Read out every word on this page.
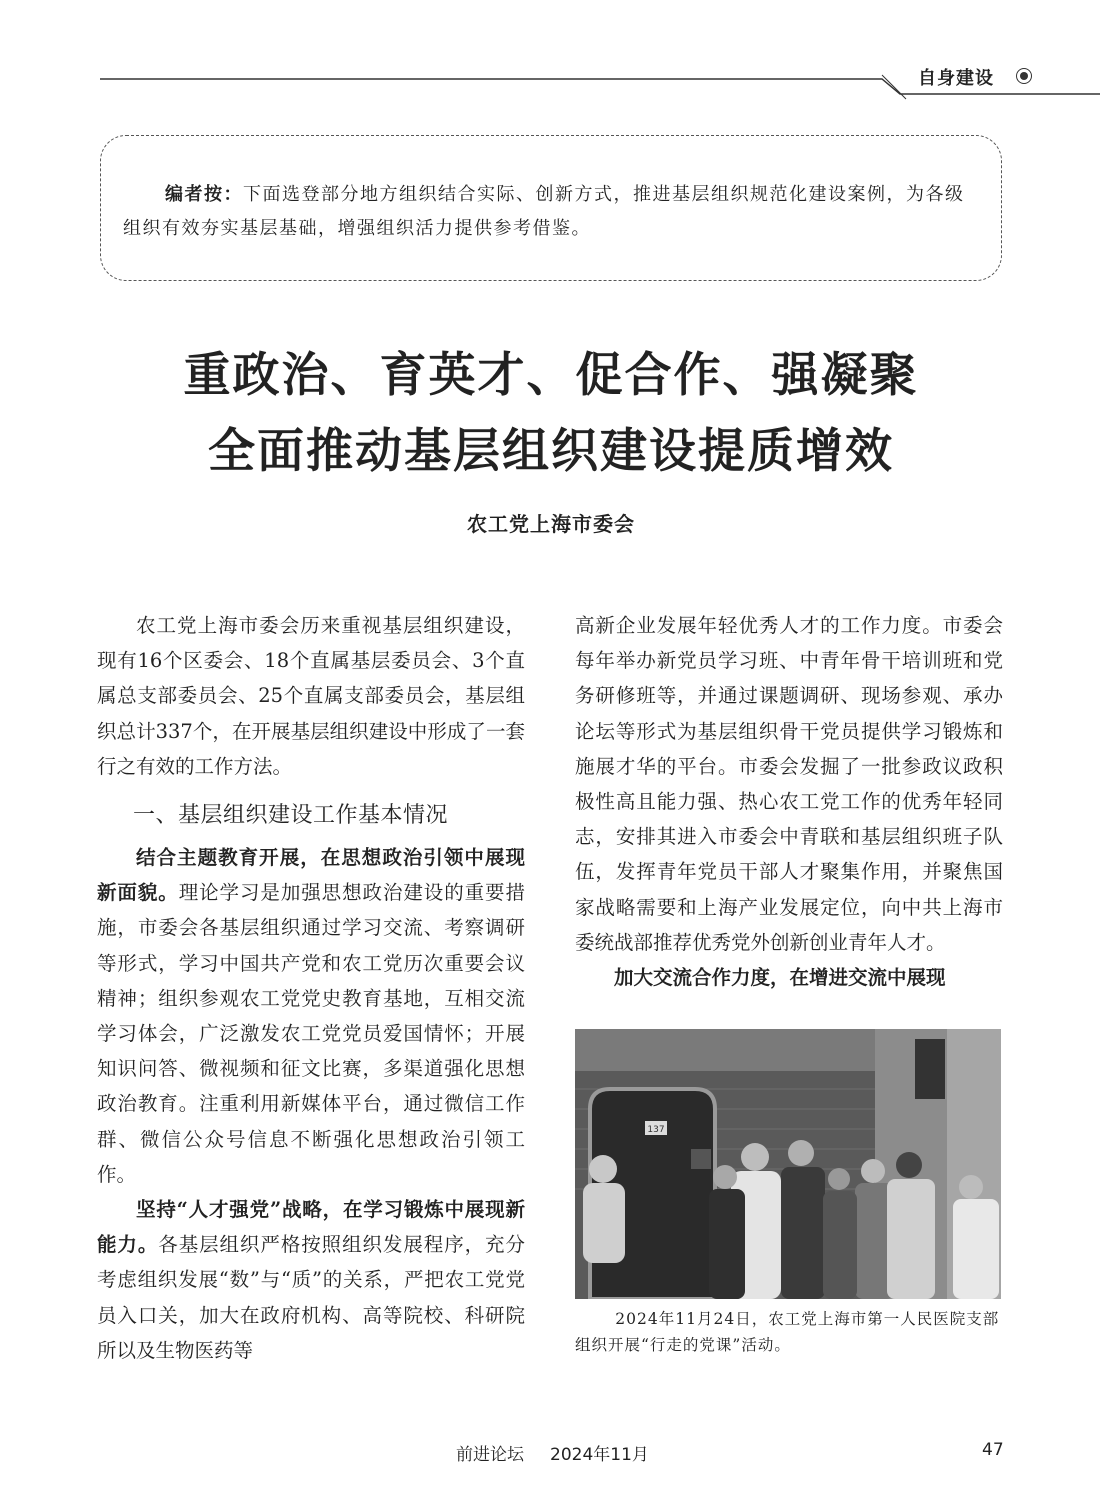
自身建设
编者按：下面选登部分地方组织结合实际、创新方式，推进基层组织规范化建设案例，为各级组织有效夯实基层基础，增强组织活力提供参考借鉴。
重政治、育英才、促合作、强凝聚
全面推动基层组织建设提质增效
农工党上海市委会

农工党上海市委会历来重视基层组织建设，现有16个区委会、18个直属基层委员会、3个直属总支部委员会、25个直属支部委员会，基层组织总计337个，在开展基层组织建设中形成了一套行之有效的工作方法。

一、基层组织建设工作基本情况

结合主题教育开展，在思想政治引领中展现新面貌。理论学习是加强思想政治建设的重要措施，市委会各基层组织通过学习交流、考察调研等形式，学习中国共产党和农工党历次重要会议精神；组织参观农工党党史教育基地，互相交流学习体会，广泛激发农工党党员爱国情怀；开展知识问答、微视频和征文比赛，多渠道强化思想政治教育。注重利用新媒体平台，通过微信工作群、微信公众号信息不断强化思想政治引领工作。

坚持“人才强党”战略，在学习锻炼中展现新能力。各基层组织严格按照组织发展程序，充分考虑组织发展“数”与“质”的关系，严把农工党党员入口关，加大在政府机构、高等院校、科研院所以及生物医药等

高新企业发展年轻优秀人才的工作力度。市委会每年举办新党员学习班、中青年骨干培训班和党务研修班等，并通过课题调研、现场参观、承办论坛等形式为基层组织骨干党员提供学习锻炼和施展才华的平台。市委会发掘了一批参政议政积极性高且能力强、热心农工党工作的优秀年轻同志，安排其进入市委会中青联和基层组织班子队伍，发挥青年党员干部人才聚集作用，并聚焦国家战略需要和上海产业发展定位，向中共上海市委统战部推荐优秀党外创新创业青年人才。

加大交流合作力度，在增进交流中展现

137
2024年11月24日，农工党上海市第一人民医院支部组织开展“行走的党课”活动。
前进论坛 2024年11月	47
